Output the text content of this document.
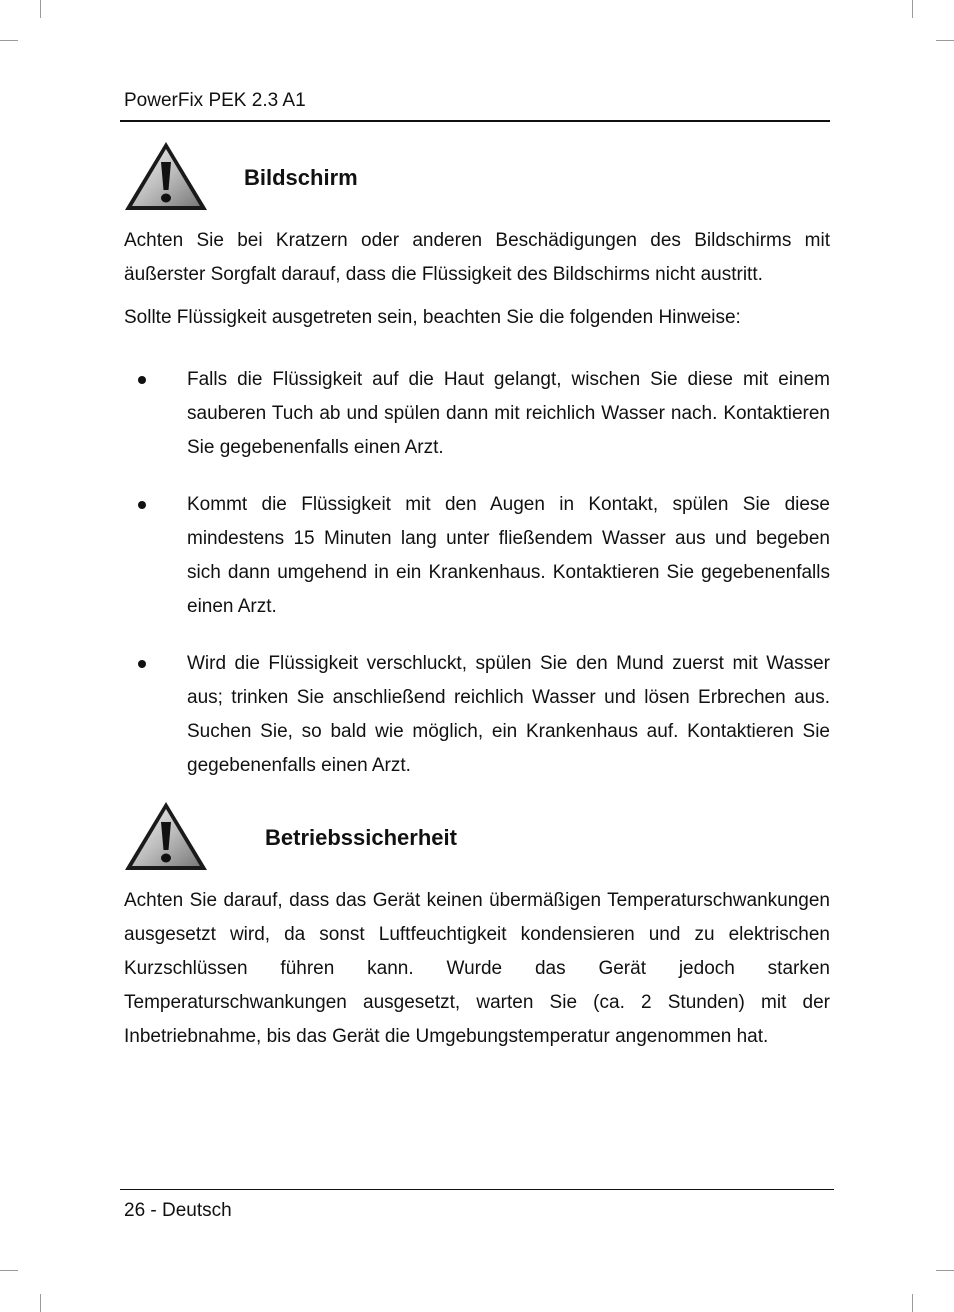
PowerFix PEK 2.3 A1
Bildschirm

Achten Sie bei Kratzern oder anderen Beschädigungen des Bildschirms mit äußerster Sorgfalt darauf, dass die Flüssigkeit des Bildschirms nicht austritt.

Sollte Flüssigkeit ausgetreten sein, beachten Sie die folgenden Hinweise:

Falls die Flüssigkeit auf die Haut gelangt, wischen Sie diese mit einem sauberen Tuch ab und spülen dann mit reichlich Wasser nach. Kontaktieren Sie gegebenenfalls einen Arzt.

Kommt die Flüssigkeit mit den Augen in Kontakt, spülen Sie diese mindestens 15 Minuten lang unter fließendem Wasser aus und begeben sich dann umgehend in ein Krankenhaus. Kontaktieren Sie gegebenenfalls einen Arzt.

Wird die Flüssigkeit verschluckt, spülen Sie den Mund zuerst mit Wasser aus; trinken Sie anschließend reichlich Wasser und lösen Erbrechen aus. Suchen Sie, so bald wie möglich, ein Krankenhaus auf. Kontaktieren Sie gegebenenfalls einen Arzt.

Betriebssicherheit

Achten Sie darauf, dass das Gerät keinen übermäßigen Temperaturschwankungen ausgesetzt wird, da sonst Luftfeuchtigkeit kondensieren und zu elektrischen Kurzschlüssen führen kann. Wurde das Gerät jedoch starken Temperaturschwankungen ausgesetzt, warten Sie (ca. 2 Stunden) mit der Inbetriebnahme, bis das Gerät die Umgebungstemperatur angenommen hat.

26 - Deutsch
